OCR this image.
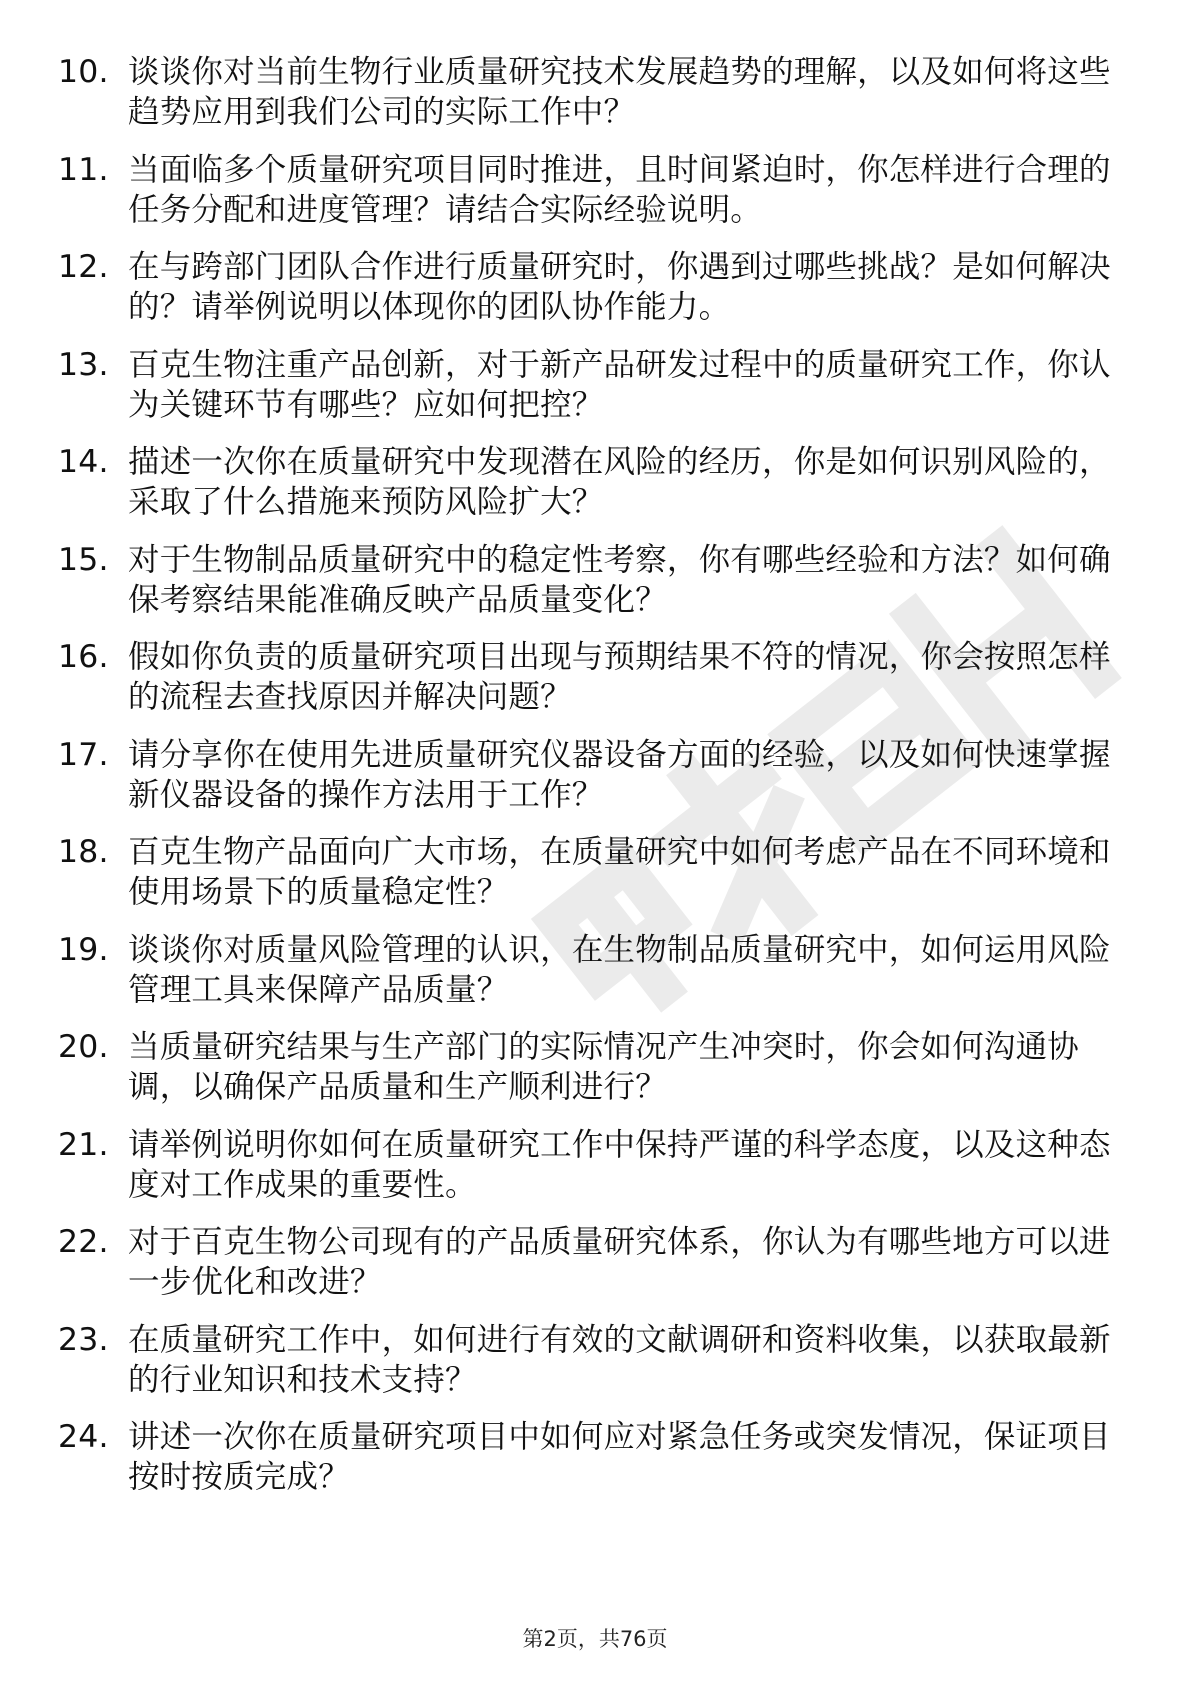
10. 谈谈你对当前生物行业质量研究技术发展趋势的理解，以及如何将这些趋势应用到我们公司的实际工作中？
11. 当面临多个质量研究项目同时推进，且时间紧迫时，你怎样进行合理的任务分配和进度管理？请结合实际经验说明。
12. 在与跨部门团队合作进行质量研究时，你遇到过哪些挑战？是如何解决的？请举例说明以体现你的团队协作能力。
13. 百克生物注重产品创新，对于新产品研发过程中的质量研究工作，你认为关键环节有哪些？应如何把控？
14. 描述一次你在质量研究中发现潜在风险的经历，你是如何识别风险的，采取了什么措施来预防风险扩大？
15. 对于生物制品质量研究中的稳定性考察，你有哪些经验和方法？如何确保考察结果能准确反映产品质量变化？
16. 假如你负责的质量研究项目出现与预期结果不符的情况，你会按照怎样的流程去查找原因并解决问题？
17. 请分享你在使用先进质量研究仪器设备方面的经验，以及如何快速掌握新仪器设备的操作方法用于工作？
18. 百克生物产品面向广大市场，在质量研究中如何考虑产品在不同环境和使用场景下的质量稳定性？
19. 谈谈你对质量风险管理的认识，在生物制品质量研究中，如何运用风险管理工具来保障产品质量？
20. 当质量研究结果与生产部门的实际情况产生冲突时，你会如何沟通协调，以确保产品质量和生产顺利进行？
21. 请举例说明你如何在质量研究工作中保持严谨的科学态度，以及这种态度对工作成果的重要性。
22. 对于百克生物公司现有的产品质量研究体系，你认为有哪些地方可以进一步优化和改进？
23. 在质量研究工作中，如何进行有效的文献调研和资料收集，以获取最新的行业知识和技术支持？
24. 讲述一次你在质量研究项目中如何应对紧急任务或突发情况，保证项目按时按质完成？
第2页，共76页
